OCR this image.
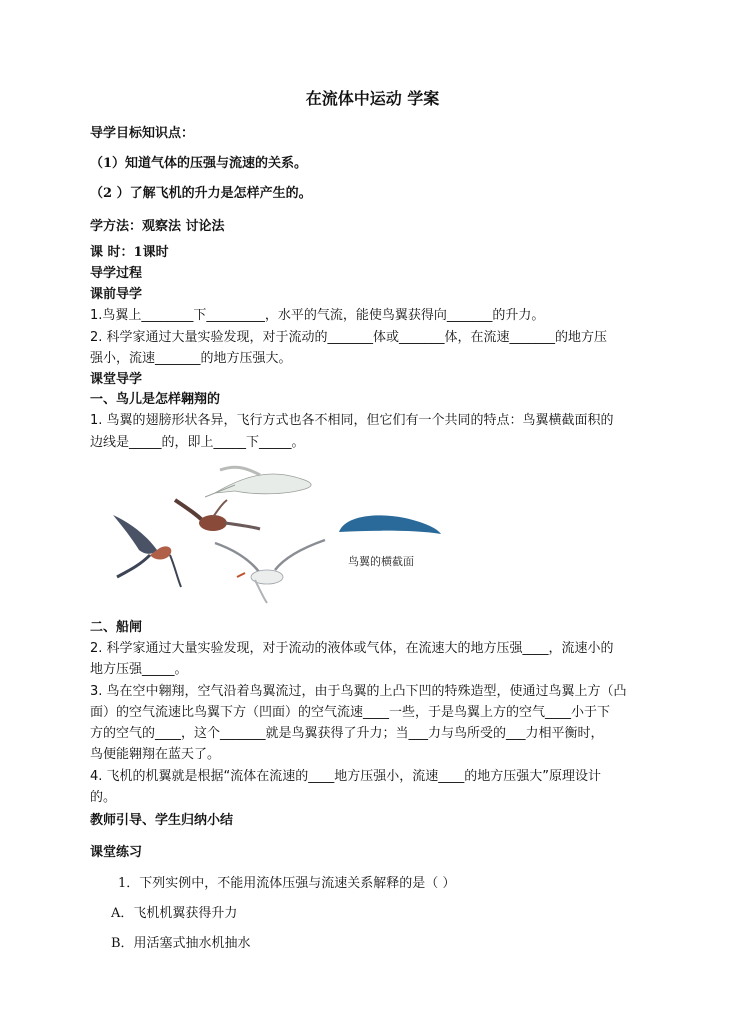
在流体中运动 学案
导学目标知识点：
（1）知道气体的压强与流速的关系。
（2 ）了解飞机的升力是怎样产生的。
学方法：观察法 讨论法
课 时：1课时
导学过程
课前导学
1.鸟翼上________下_________，水平的气流，能使鸟翼获得向_______的升力。
2. 科学家通过大量实验发现，对于流动的_______体或_______体，在流速_______的地方压
强小，流速_______的地方压强大。
课堂导学
一、鸟儿是怎样翱翔的
1. 鸟翼的翅膀形状各异，飞行方式也各不相同，但它们有一个共同的特点：鸟翼横截面积的
边线是_____的，即上_____下_____。
鸟翼的横截面
二、船闸
2. 科学家通过大量实验发现，对于流动的液体或气体，在流速大的地方压强____，流速小的
地方压强_____。
3. 鸟在空中翱翔，空气沿着鸟翼流过，由于鸟翼的上凸下凹的特殊造型，使通过鸟翼上方（凸
面）的空气流速比鸟翼下方（凹面）的空气流速____一些，于是鸟翼上方的空气____小于下
方的空气的____，这个_______就是鸟翼获得了升力；当___力与鸟所受的___力相平衡时，
鸟便能翱翔在蓝天了。
4. 飞机的机翼就是根据“流体在流速的____地方压强小，流速____的地方压强大”原理设计
的。
教师引导、学生归纳小结
课堂练习
1．下列实例中，不能用流体压强与流速关系解释的是（ ）
A．飞机机翼获得升力
B．用活塞式抽水机抽水
